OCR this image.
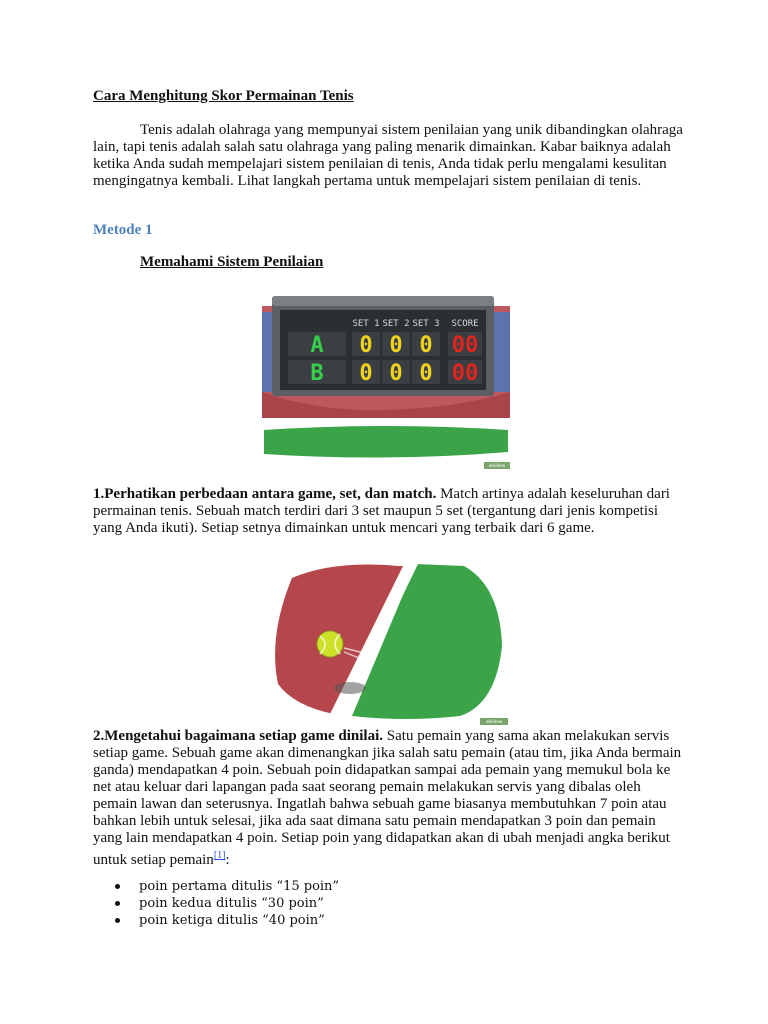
Cara Menghitung Skor Permainan Tenis
Tenis adalah olahraga yang mempunyai sistem penilaian yang unik dibandingkan olahraga lain, tapi tenis adalah salah satu olahraga yang paling menarik dimainkan. Kabar baiknya adalah ketika Anda sudah mempelajari sistem penilaian di tenis, Anda tidak perlu mengalami kesulitan mengingatnya kembali. Lihat langkah pertama untuk mempelajari sistem penilaian di tenis.
Metode 1
Memahami Sistem Penilaian
SET 1 SET 2 SET 3 SCORE
A 0 0 0 00
B 0 0 0 00
wikiHow
1.Perhatikan perbedaan antara game, set, dan match. Match artinya adalah keseluruhan dari permainan tenis. Sebuah match terdiri dari 3 set maupun 5 set (tergantung dari jenis kompetisi yang Anda ikuti). Setiap setnya dimainkan untuk mencari yang terbaik dari 6 game.
wikiHow
2.Mengetahui bagaimana setiap game dinilai. Satu pemain yang sama akan melakukan servis setiap game. Sebuah game akan dimenangkan jika salah satu pemain (atau tim, jika Anda bermain ganda) mendapatkan 4 poin. Sebuah poin didapatkan sampai ada pemain yang memukul bola ke net atau keluar dari lapangan pada saat seorang pemain melakukan servis yang dibalas oleh pemain lawan dan seterusnya. Ingatlah bahwa sebuah game biasanya membutuhkan 7 poin atau bahkan lebih untuk selesai, jika ada saat dimana satu pemain mendapatkan 3 poin dan pemain yang lain mendapatkan 4 poin. Setiap poin yang didapatkan akan di ubah menjadi angka berikut untuk setiap pemain[1]:
poin pertama ditulis “15 poin”
poin kedua ditulis “30 poin”
poin ketiga ditulis “40 poin”
